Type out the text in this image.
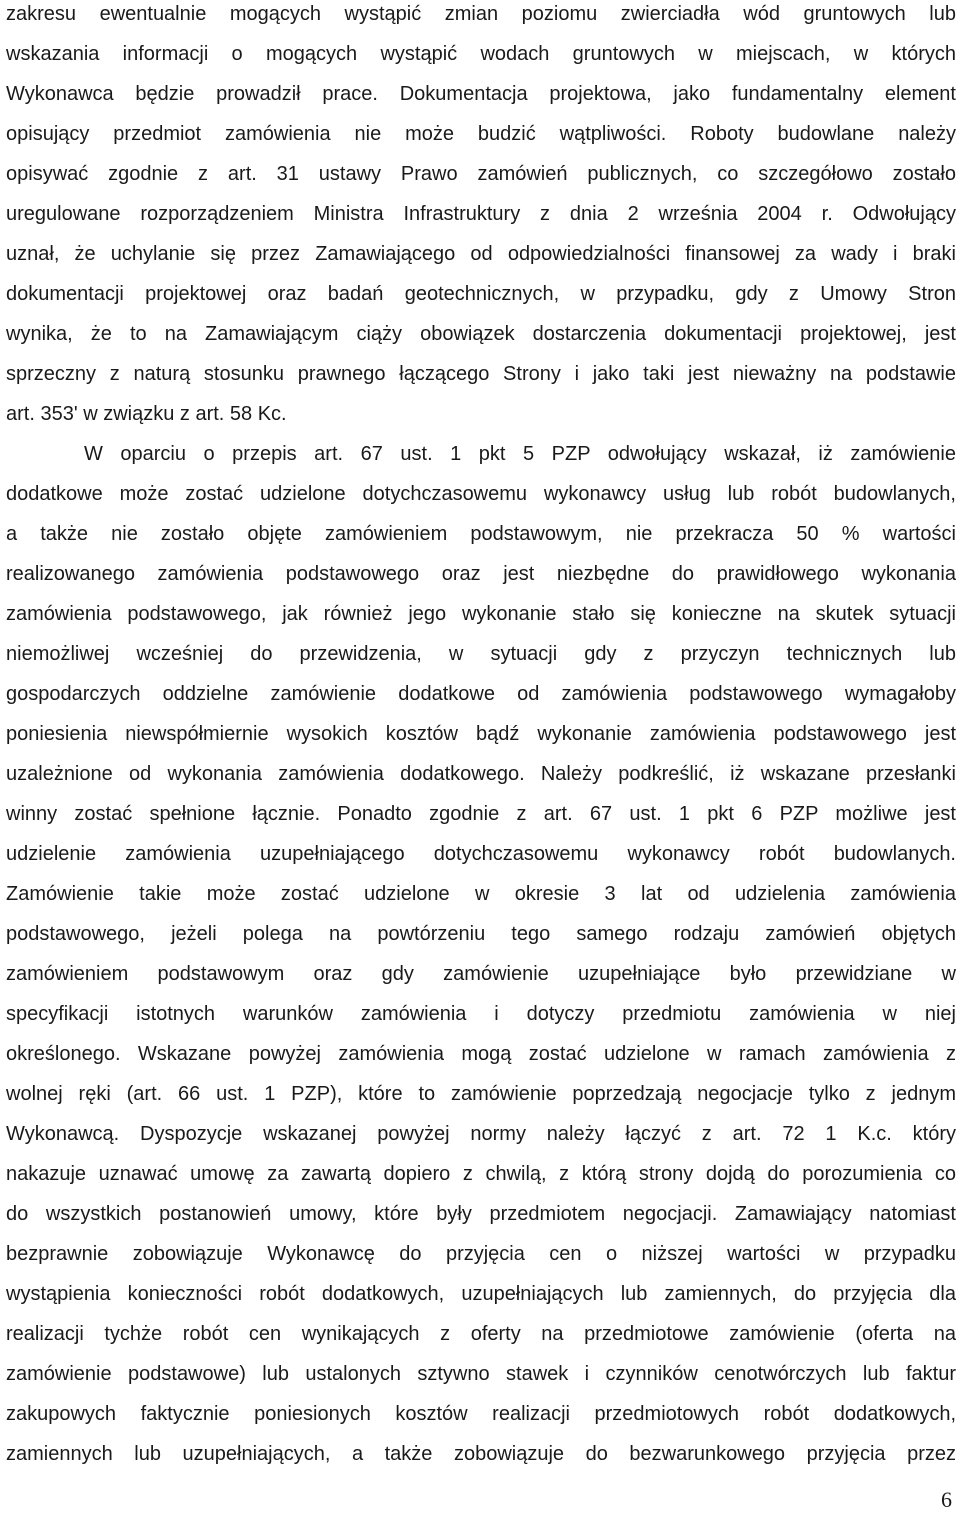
zakresu ewentualnie mogących wystąpić zmian poziomu zwierciadła wód gruntowych lub
wskazania informacji o mogących wystąpić wodach gruntowych w miejscach, w których
Wykonawca będzie prowadził prace. Dokumentacja projektowa, jako fundamentalny element
opisujący przedmiot zamówienia nie może budzić wątpliwości. Roboty budowlane należy
opisywać zgodnie z art. 31 ustawy Prawo zamówień publicznych, co szczegółowo zostało
uregulowane rozporządzeniem Ministra Infrastruktury z dnia 2 września 2004 r. Odwołujący
uznał, że uchylanie się przez Zamawiającego od odpowiedzialności finansowej za wady i braki
dokumentacji projektowej oraz badań geotechnicznych, w przypadku, gdy z Umowy Stron
wynika, że to na Zamawiającym ciąży obowiązek dostarczenia dokumentacji projektowej, jest
sprzeczny z naturą stosunku prawnego łączącego Strony i jako taki jest nieważny na podstawie
art. 353' w związku z art. 58 Kc.
W oparciu o przepis art. 67 ust. 1 pkt 5 PZP odwołujący wskazał, iż zamówienie
dodatkowe może zostać udzielone dotychczasowemu wykonawcy usług lub robót budowlanych,
a także nie zostało objęte zamówieniem podstawowym, nie przekracza 50 % wartości
realizowanego zamówienia podstawowego oraz jest niezbędne do prawidłowego wykonania
zamówienia podstawowego, jak również jego wykonanie stało się konieczne na skutek sytuacji
niemożliwej wcześniej do przewidzenia, w sytuacji gdy z przyczyn technicznych lub
gospodarczych oddzielne zamówienie dodatkowe od zamówienia podstawowego wymagałoby
poniesienia niewspółmiernie wysokich kosztów bądź wykonanie zamówienia podstawowego jest
uzależnione od wykonania zamówienia dodatkowego. Należy podkreślić, iż wskazane przesłanki
winny zostać spełnione łącznie. Ponadto zgodnie z art. 67 ust. 1 pkt 6 PZP możliwe jest
udzielenie zamówienia uzupełniającego dotychczasowemu wykonawcy robót budowlanych.
Zamówienie takie może zostać udzielone w okresie 3 lat od udzielenia zamówienia
podstawowego, jeżeli polega na powtórzeniu tego samego rodzaju zamówień objętych
zamówieniem podstawowym oraz gdy zamówienie uzupełniające było przewidziane w
specyfikacji istotnych warunków zamówienia i dotyczy przedmiotu zamówienia w niej
określonego. Wskazane powyżej zamówienia mogą zostać udzielone w ramach zamówienia z
wolnej ręki (art. 66 ust. 1 PZP), które to zamówienie poprzedzają negocjacje tylko z jednym
Wykonawcą. Dyspozycje wskazanej powyżej normy należy łączyć z art. 72 1 K.c. który
nakazuje uznawać umowę za zawartą dopiero z chwilą, z którą strony dojdą do porozumienia co
do wszystkich postanowień umowy, które były przedmiotem negocjacji. Zamawiający natomiast
bezprawnie zobowiązuje Wykonawcę do przyjęcia cen o niższej wartości w przypadku
wystąpienia konieczności robót dodatkowych, uzupełniających lub zamiennych, do przyjęcia dla
realizacji tychże robót cen wynikających z oferty na przedmiotowe zamówienie (oferta na
zamówienie podstawowe) lub ustalonych sztywno stawek i czynników cenotwórczych lub faktur
zakupowych faktycznie poniesionych kosztów realizacji przedmiotowych robót dodatkowych,
zamiennych lub uzupełniających, a także zobowiązuje do bezwarunkowego przyjęcia przez
6
